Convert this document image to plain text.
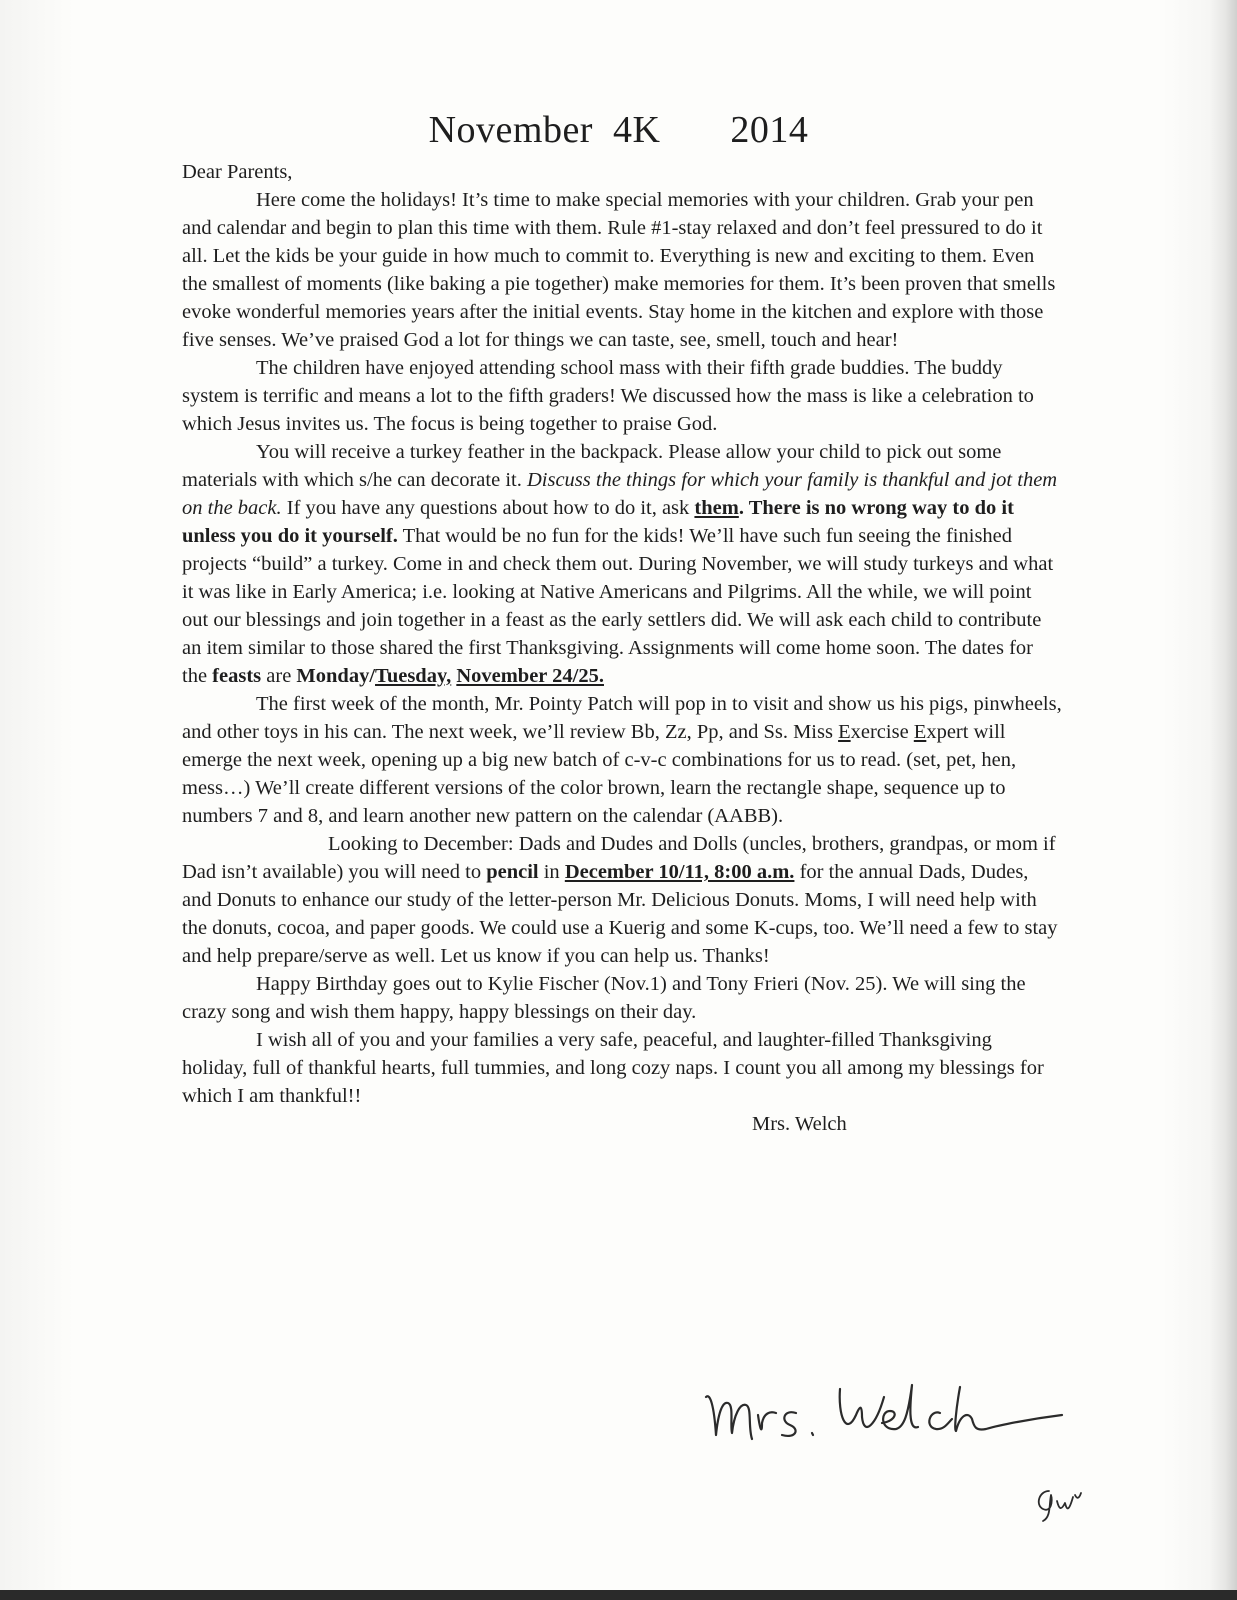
November  4K 2014

Dear Parents,

Here come the holidays! It’s time to make special memories with your children. Grab your pen and calendar and begin to plan this time with them. Rule #1-stay relaxed and don’t feel pressured to do it all. Let the kids be your guide in how much to commit to. Everything is new and exciting to them. Even the smallest of moments (like baking a pie together) make memories for them. It’s been proven that smells evoke wonderful memories years after the initial events. Stay home in the kitchen and explore with those five senses. We’ve praised God a lot for things we can taste, see, smell, touch and hear!

The children have enjoyed attending school mass with their fifth grade buddies. The buddy system is terrific and means a lot to the fifth graders! We discussed how the mass is like a celebration to which Jesus invites us. The focus is being together to praise God.

You will receive a turkey feather in the backpack. Please allow your child to pick out some materials with which s/he can decorate it. Discuss the things for which your family is thankful and jot them on the back. If you have any questions about how to do it, ask them. There is no wrong way to do it unless you do it yourself. That would be no fun for the kids! We’ll have such fun seeing the finished projects “build” a turkey. Come in and check them out. During November, we will study turkeys and what it was like in Early America; i.e. looking at Native Americans and Pilgrims. All the while, we will point out our blessings and join together in a feast as the early settlers did. We will ask each child to contribute an item similar to those shared the first Thanksgiving. Assignments will come home soon. The dates for the feasts are Monday/Tuesday, November 24/25.

The first week of the month, Mr. Pointy Patch will pop in to visit and show us his pigs, pinwheels, and other toys in his can. The next week, we’ll review Bb, Zz, Pp, and Ss. Miss Exercise Expert will emerge the next week, opening up a big new batch of c-v-c combinations for us to read. (set, pet, hen, mess…) We’ll create different versions of the color brown, learn the rectangle shape, sequence up to numbers 7 and 8, and learn another new pattern on the calendar (AABB).

Looking to December: Dads and Dudes and Dolls (uncles, brothers, grandpas, or mom if Dad isn’t available) you will need to pencil in December 10/11, 8:00 a.m. for the annual Dads, Dudes, and Donuts to enhance our study of the letter-person Mr. Delicious Donuts. Moms, I will need help with the donuts, cocoa, and paper goods. We could use a Kuerig and some K-cups, too. We’ll need a few to stay and help prepare/serve as well. Let us know if you can help us. Thanks!

Happy Birthday goes out to Kylie Fischer (Nov.1) and Tony Frieri (Nov. 25). We will sing the crazy song and wish them happy, happy blessings on their day.

I wish all of you and your families a very safe, peaceful, and laughter-filled Thanksgiving holiday, full of thankful hearts, full tummies, and long cozy naps. I count you all among my blessings for which I am thankful!!

Mrs. Welch
